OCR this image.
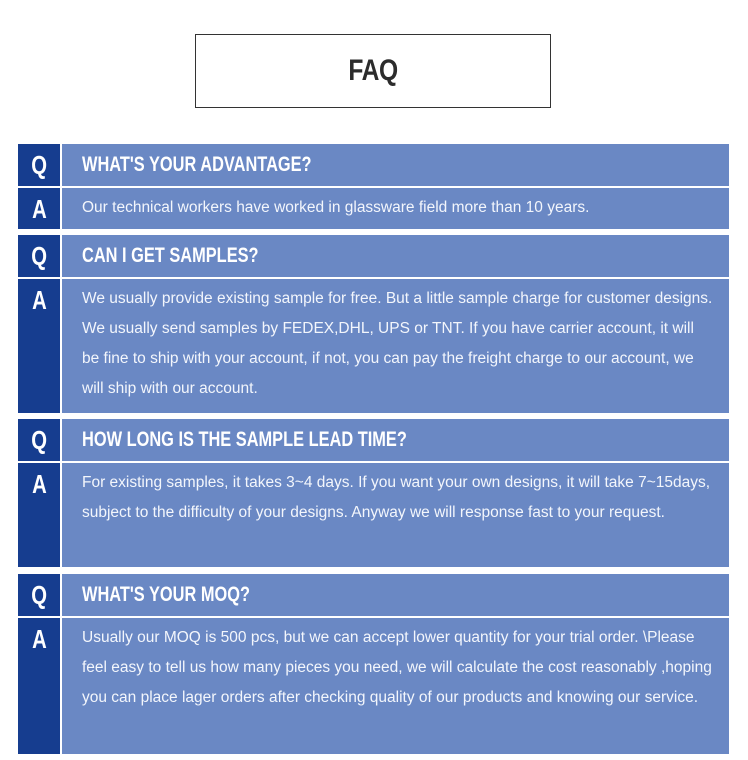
FAQ
Q WHAT'S YOUR ADVANTAGE?
A	Our technical workers have worked in glassware field more than 10 years.
Q CAN I GET SAMPLES?
A	We usually provide existing sample for free. But a little sample charge for customer designs. We usually send samples by FEDEX,DHL, UPS or TNT. If you have carrier account, it will be fine to ship with your account, if not, you can pay the freight charge to our account, we will ship with our account.
Q HOW LONG IS THE SAMPLE LEAD TIME?
A	For existing samples, it takes 3~4 days. If you want your own designs, it will take 7~15days, subject to the difficulty of your designs. Anyway we will response fast to your request.
Q WHAT'S YOUR MOQ?
A	Usually our MOQ is 500 pcs, but we can accept lower quantity for your trial order. \Please feel easy to tell us how many pieces you need, we will calculate the cost reasonably ,hoping you can place lager orders after checking quality of our products and knowing our service.
